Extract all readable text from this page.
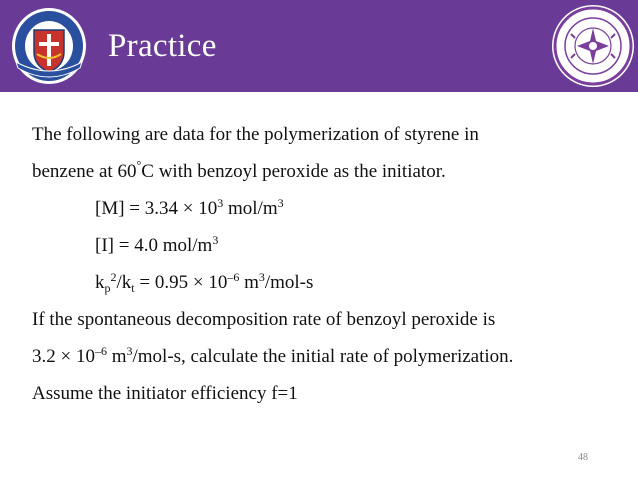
Practice
The following are data for the polymerization of styrene in
benzene at 60°C with benzoyl peroxide as the initiator.
$[M] = 3.34 \times 10^3$ mol/$m^3$
[I] = 4.0 mol/$m^3$
$k_p^2/k_t = 0.95 \times 10^{-6}$ $m^3/mol-s$
If the spontaneous decomposition rate of benzoyl peroxide is
$3.2 \times 10^{-6}$ $m^3/mol-s$, calculate the initial rate of polymerization.
Assume the initiator efficiency f=1
48
